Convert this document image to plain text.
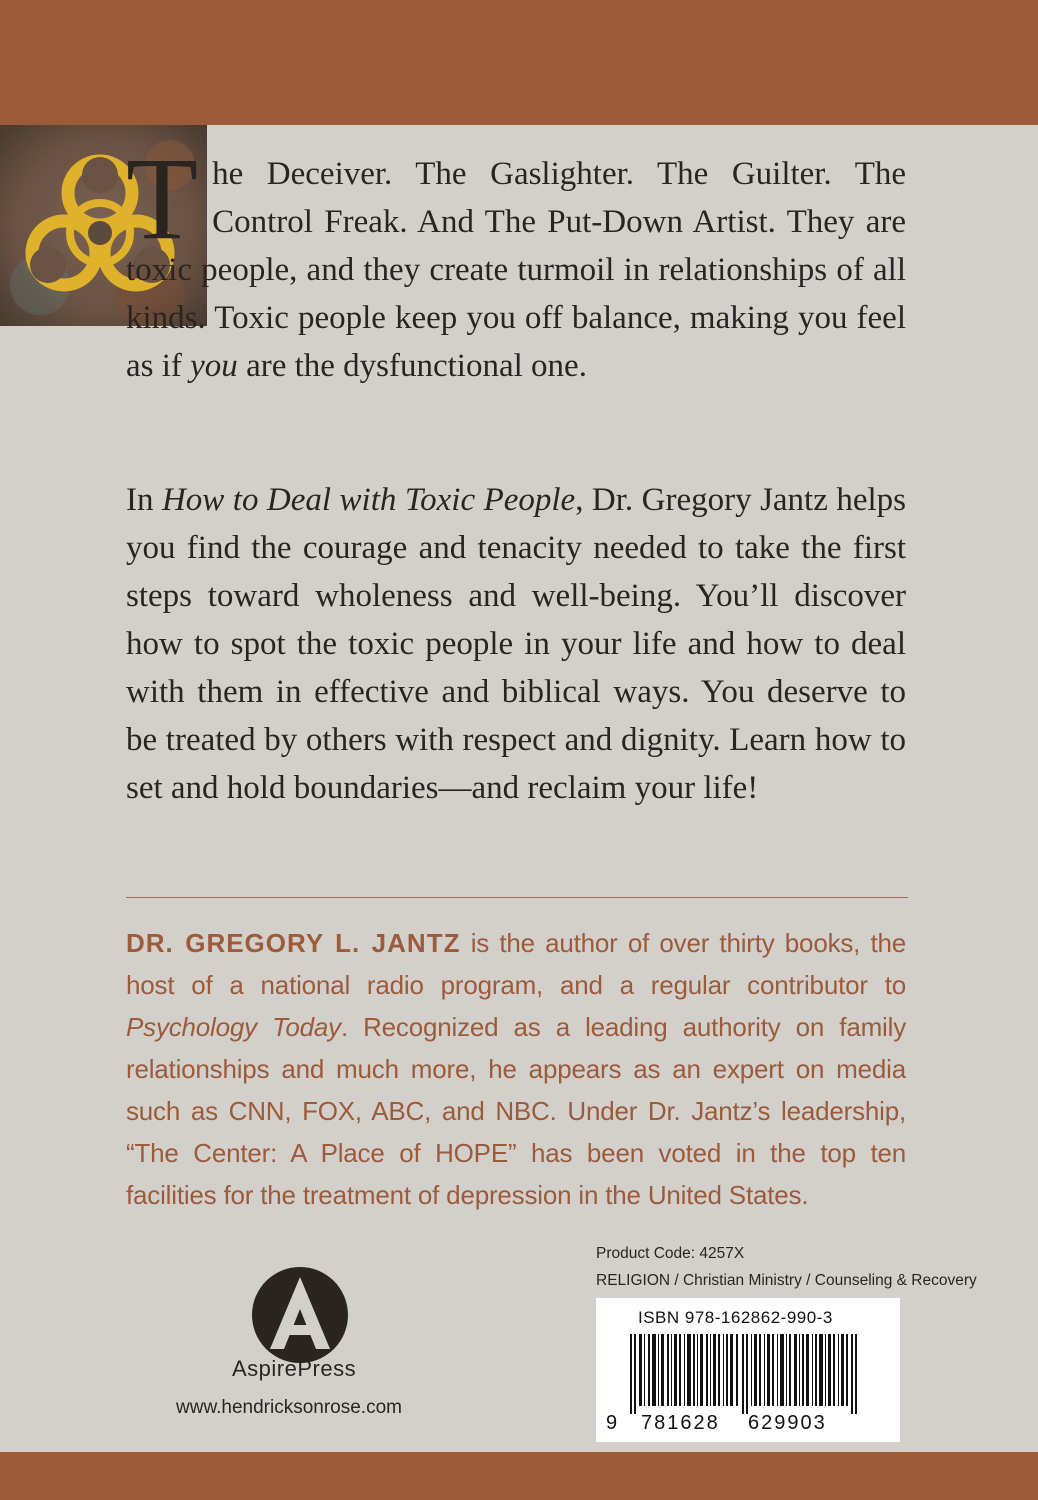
The Deceiver. The Gaslighter. The Guilter. The Control Freak. And The Put-Down Artist. They are toxic people, and they create turmoil in relationships of all kinds. Toxic people keep you off balance, making you feel as if you are the dysfunctional one.

In How to Deal with Toxic People, Dr. Gregory Jantz helps you find the courage and tenacity needed to take the first steps toward wholeness and well-being. You’ll discover how to spot the toxic people in your life and how to deal with them in effective and biblical ways. You deserve to be treated by others with respect and dignity. Learn how to set and hold boundaries—and reclaim your life!

DR. GREGORY L. JANTZ is the author of over thirty books, the host of a national radio program, and a regular contributor to Psychology Today. Recognized as a leading authority on family relationships and much more, he appears as an expert on media such as CNN, FOX, ABC, and NBC. Under Dr. Jantz’s leadership, “The Center: A Place of HOPE” has been voted in the top ten facilities for the treatment of depression in the United States.

Product Code: 4257X
RELIGION / Christian Ministry / Counseling & Recovery
AspirePress
www.hendricksonrose.com
ISBN 978-162862-990-3
9 781628 629903
